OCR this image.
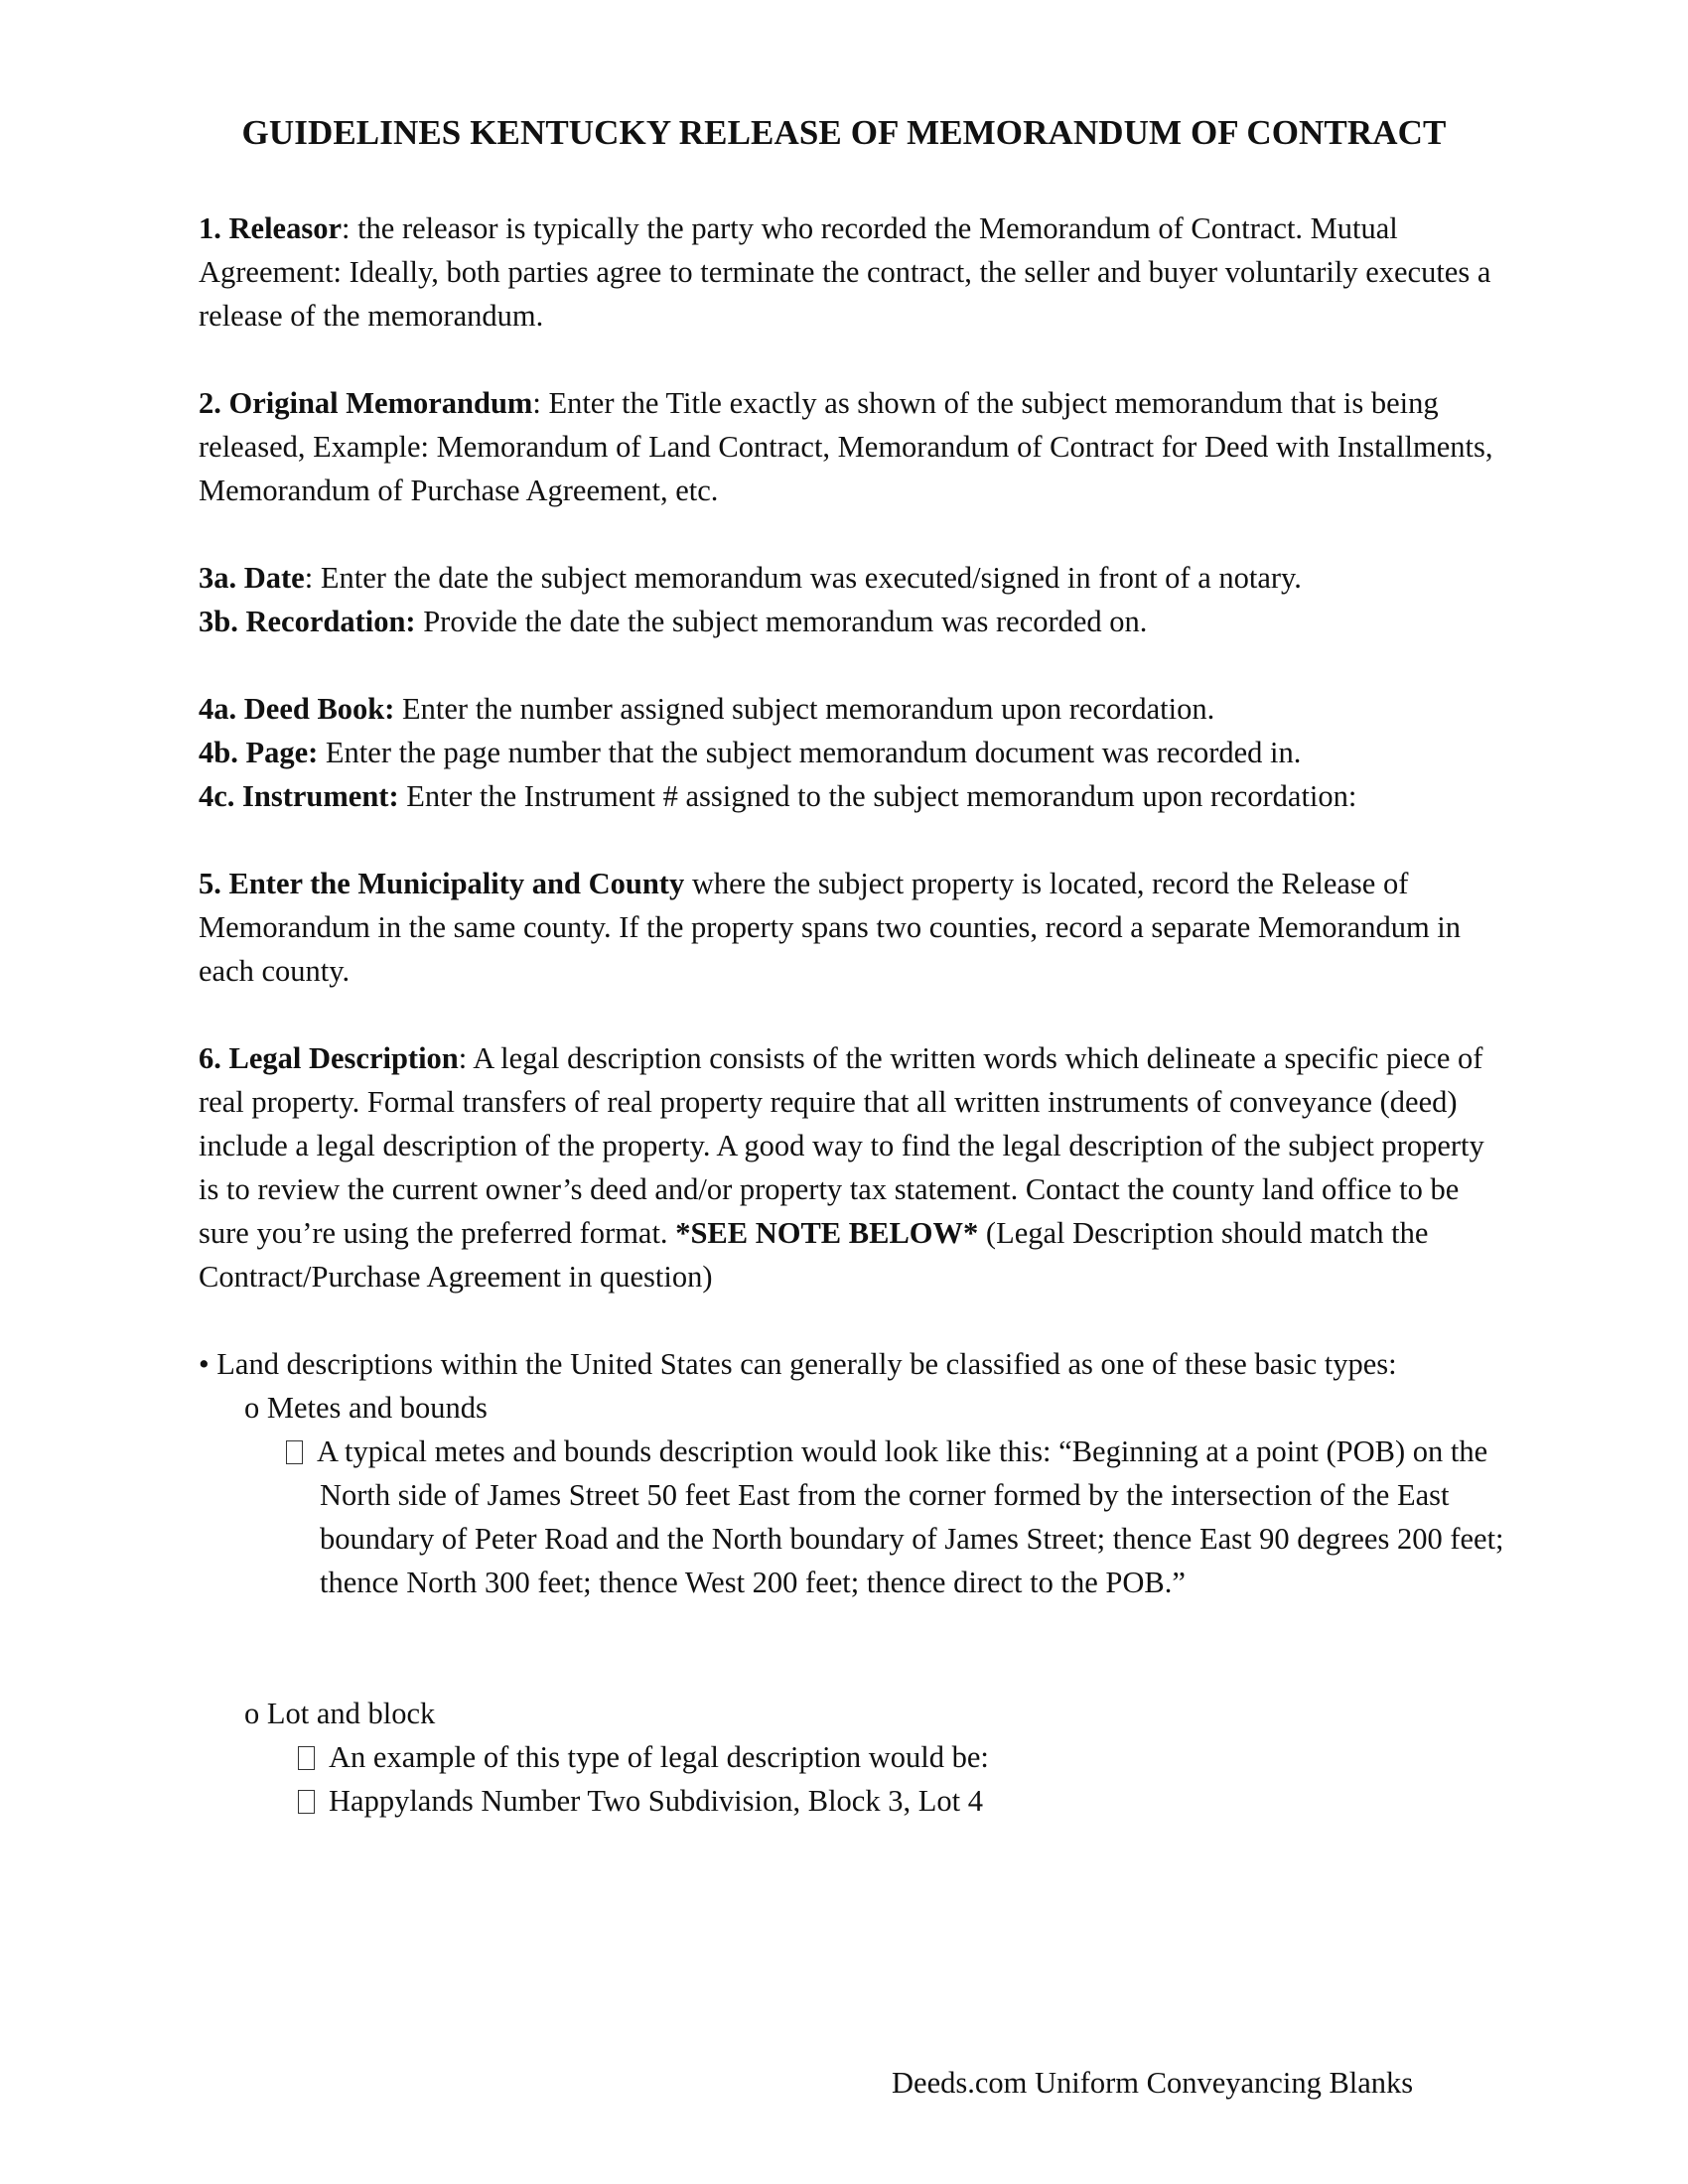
GUIDELINES KENTUCKY RELEASE OF MEMORANDUM OF CONTRACT

1. Releasor: the releasor is typically the party who recorded the Memorandum of Contract. Mutual Agreement: Ideally, both parties agree to terminate the contract, the seller and buyer voluntarily executes a release of the memorandum.

2. Original Memorandum: Enter the Title exactly as shown of the subject memorandum that is being released, Example: Memorandum of Land Contract, Memorandum of Contract for Deed with Installments, Memorandum of Purchase Agreement, etc.

3a. Date: Enter the date the subject memorandum was executed/signed in front of a notary.

3b. Recordation: Provide the date the subject memorandum was recorded on.

4a. Deed Book: Enter the number assigned subject memorandum upon recordation.

4b. Page: Enter the page number that the subject memorandum document was recorded in.

4c. Instrument: Enter the Instrument # assigned to the subject memorandum upon recordation:

5. Enter the Municipality and County where the subject property is located, record the Release of Memorandum in the same county. If the property spans two counties, record a separate Memorandum in each county.

6. Legal Description: A legal description consists of the written words which delineate a specific piece of real property. Formal transfers of real property require that all written instruments of conveyance (deed) include a legal description of the property. A good way to find the legal description of the subject property is to review the current owner’s deed and/or property tax statement. Contact the county land office to be sure you’re using the preferred format. *SEE NOTE BELOW* (Legal Description should match the Contract/Purchase Agreement in question)

• Land descriptions within the United States can generally be classified as one of these basic types:

o Metes and bounds

A typical metes and bounds description would look like this: “Beginning at a point (POB) on the North side of James Street 50 feet East from the corner formed by the intersection of the East boundary of Peter Road and the North boundary of James Street; thence East 90 degrees 200 feet; thence North 300 feet; thence West 200 feet; thence direct to the POB.”

o Lot and block

An example of this type of legal description would be:

Happylands Number Two Subdivision, Block 3, Lot 4

Deeds.com Uniform Conveyancing Blanks
